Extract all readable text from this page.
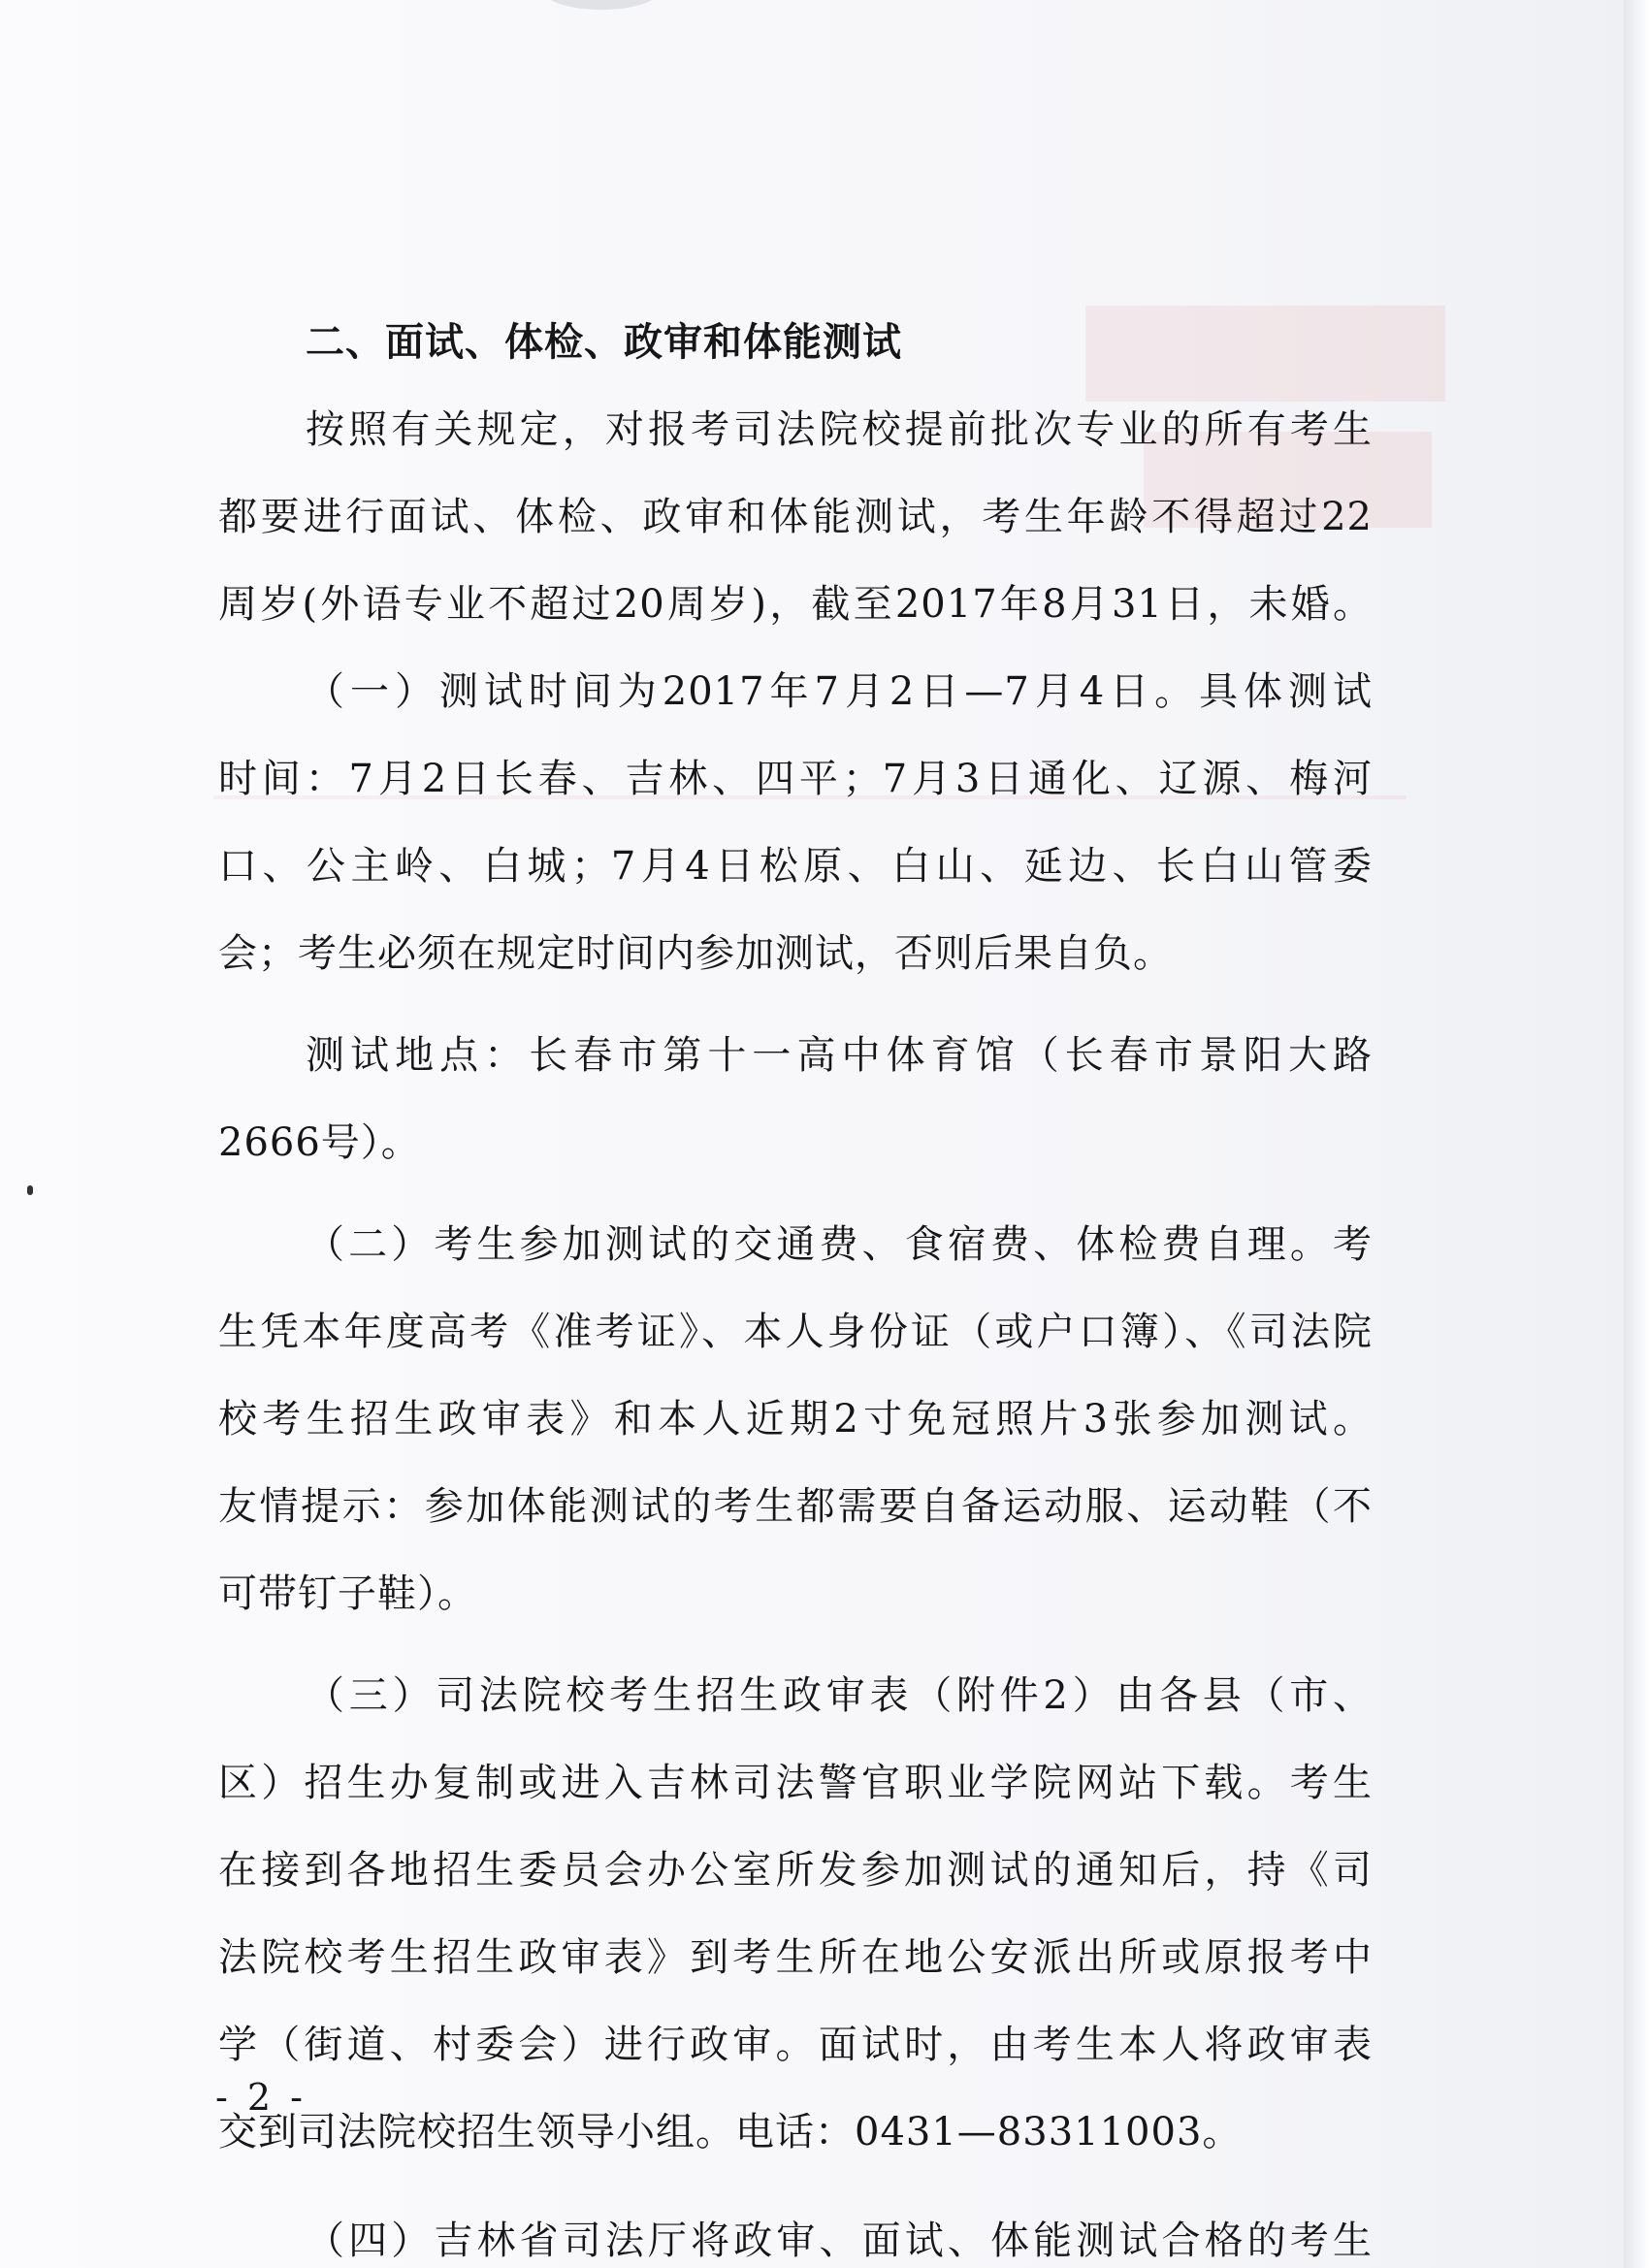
▇▇▇▇▇
▇▇▇▇
二、面试、体检、政审和体能测试
按照有关规定，对报考司法院校提前批次专业的所有考生
都要进行面试、体检、政审和体能测试，考生年龄不得超过22
周岁(外语专业不超过20周岁)，截至2017年8月31日，未婚。
（一）测试时间为2017年7月2日—7月4日。具体测试
时间：7月2日长春、吉林、四平；7月3日通化、辽源、梅河
口、公主岭、白城；7月4日松原、白山、延边、长白山管委
会；考生必须在规定时间内参加测试，否则后果自负。
测试地点：长春市第十一高中体育馆（长春市景阳大路
2666号）。
（二）考生参加测试的交通费、食宿费、体检费自理。考
生凭本年度高考《准考证》、本人身份证（或户口簿）、《司法院
校考生招生政审表》和本人近期2寸免冠照片3张参加测试。
友情提示：参加体能测试的考生都需要自备运动服、运动鞋（不
可带钉子鞋）。
（三）司法院校考生招生政审表（附件2）由各县（市、
区）招生办复制或进入吉林司法警官职业学院网站下载。考生
在接到各地招生委员会办公室所发参加测试的通知后，持《司
法院校考生招生政审表》到考生所在地公安派出所或原报考中
学（街道、村委会）进行政审。面试时，由考生本人将政审表
交到司法院校招生领导小组。电话：0431—83311003。
（四）吉林省司法厅将政审、面试、体能测试合格的考生
- 2 -
